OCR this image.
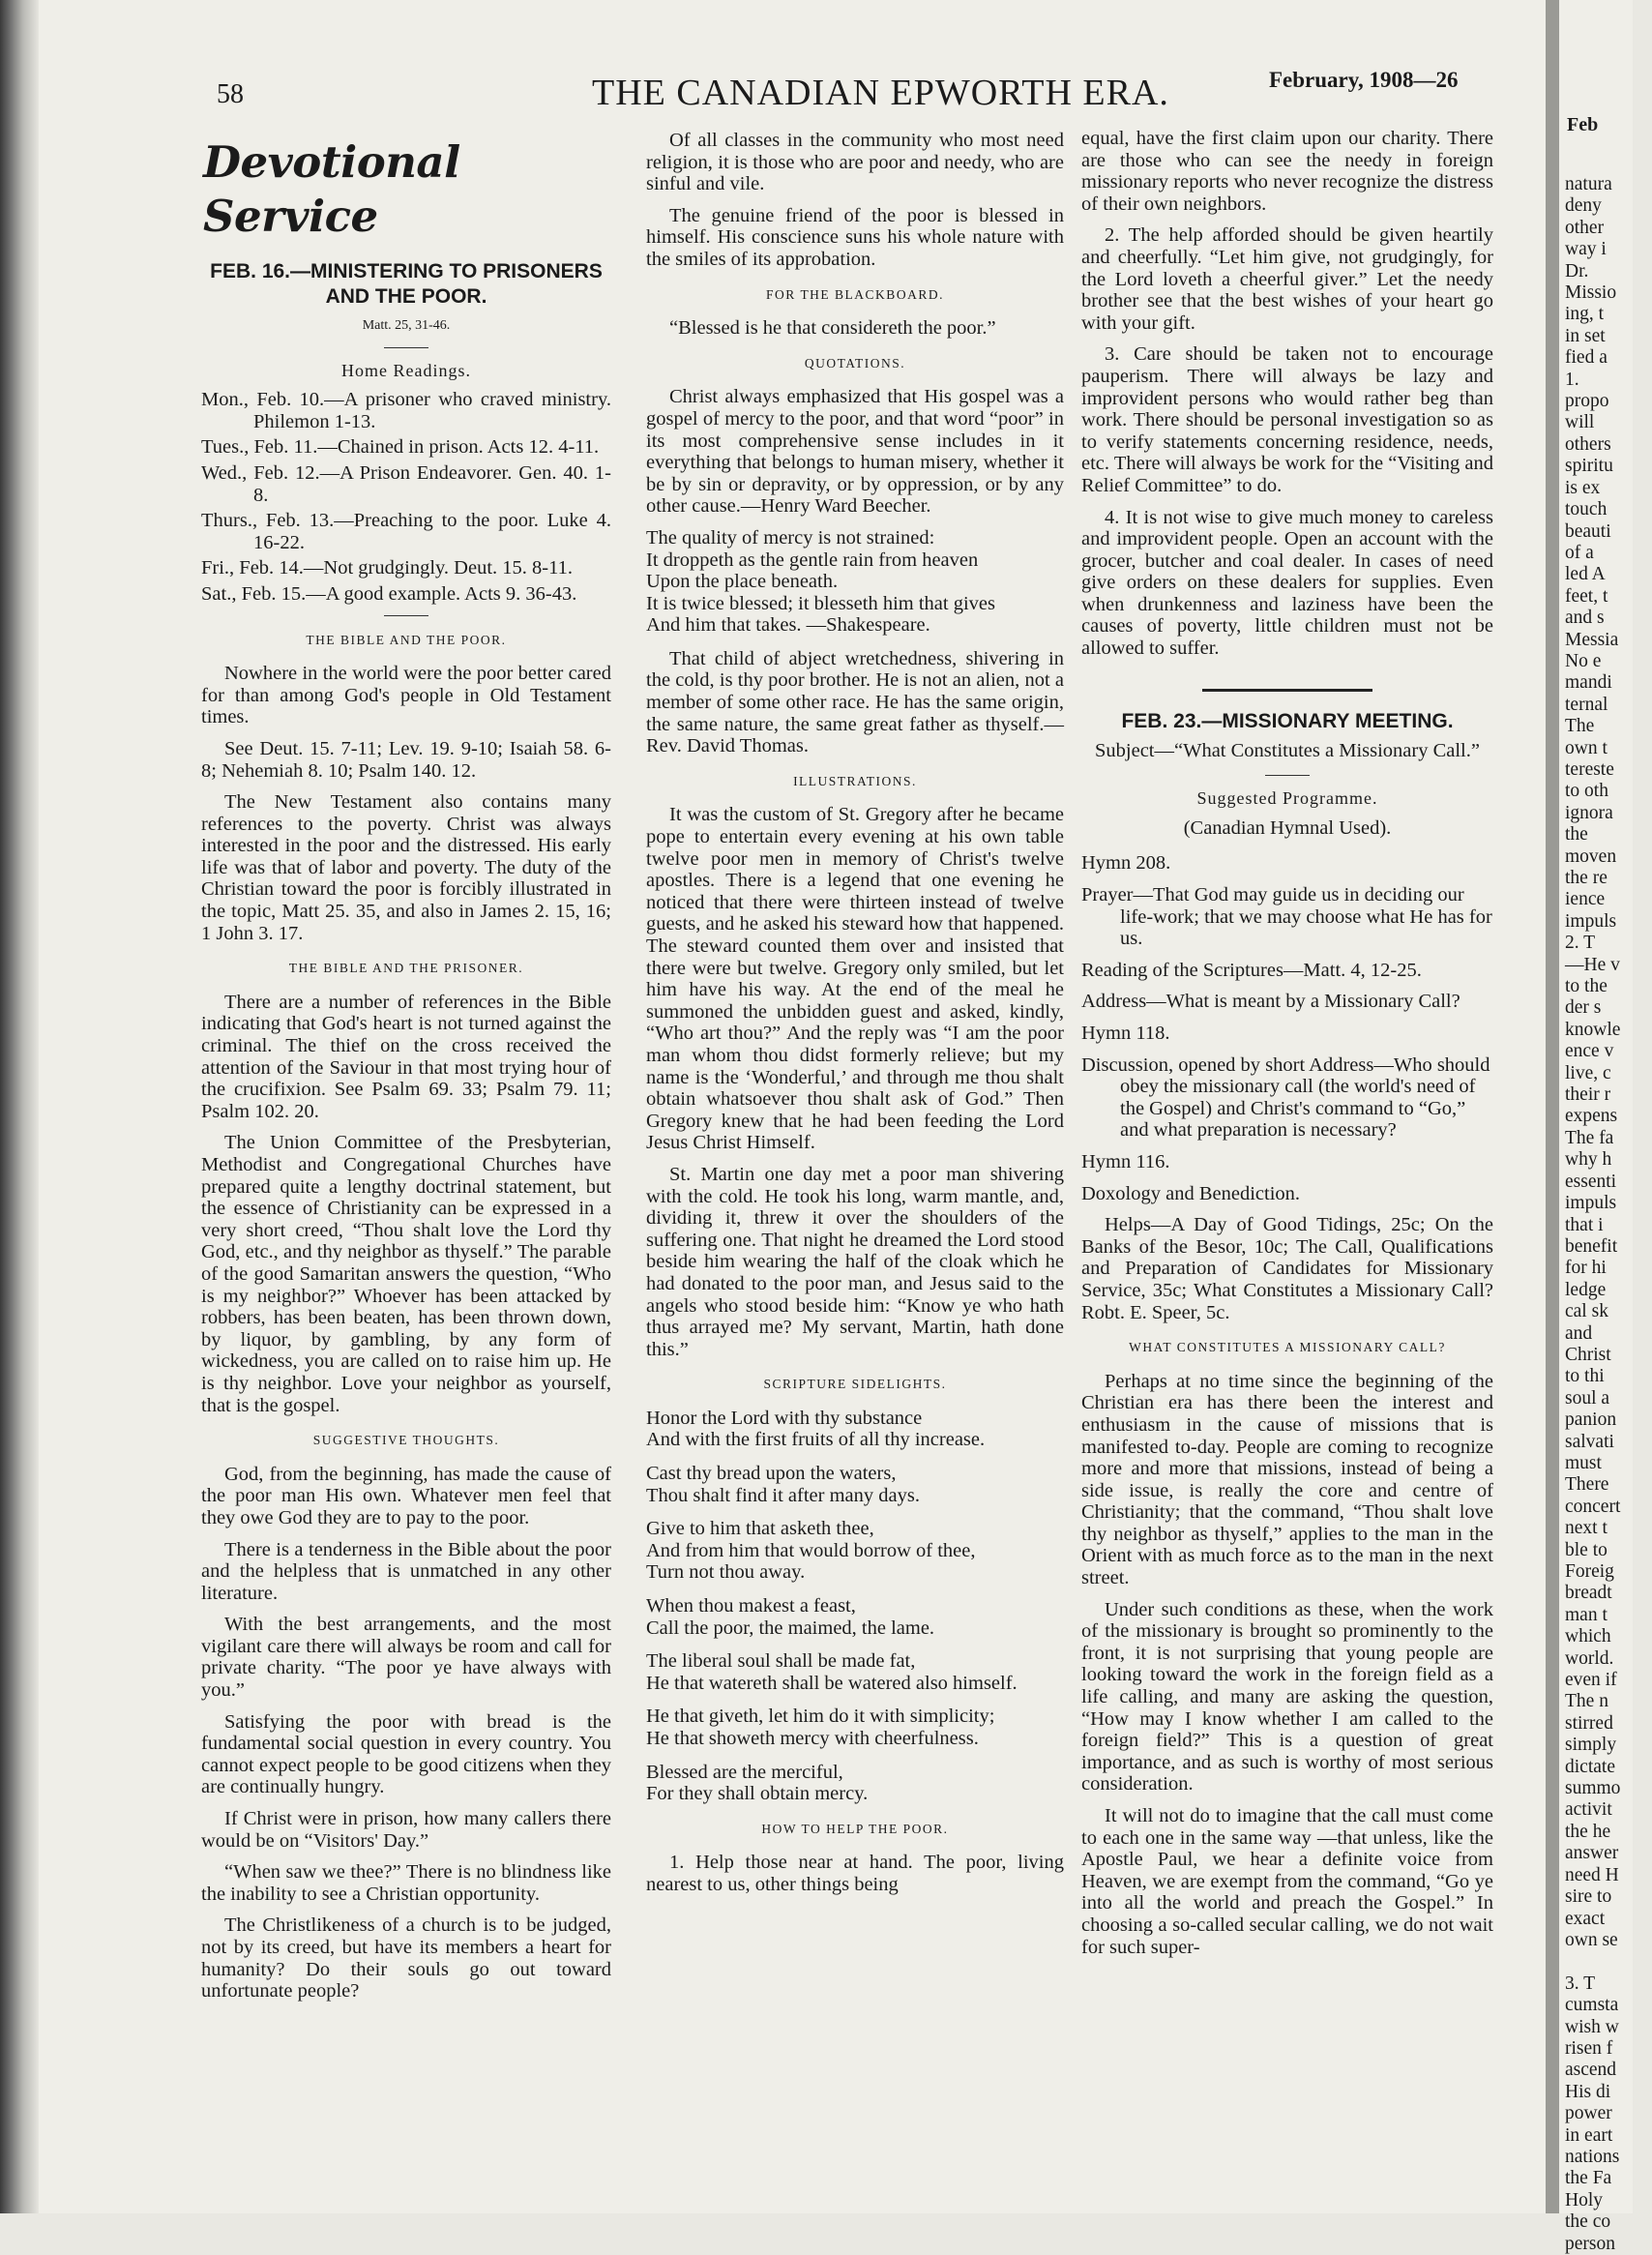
58	THE CANADIAN EPWORTH ERA.	February, 1908—26
Devotional Service
FEB. 16.—MINISTERING TO PRISONERS AND THE POOR.
Matt. 25, 31-46.
Home Readings.
Mon., Feb. 10.—A prisoner who craved ministry. Philemon 1-13.
Tues., Feb. 11.—Chained in prison. Acts 12. 4-11.
Wed., Feb. 12.—A Prison Endeavorer. Gen. 40. 1-8.
Thurs., Feb. 13.—Preaching to the poor. Luke 4. 16-22.
Fri., Feb. 14.—Not grudgingly. Deut. 15. 8-11.
Sat., Feb. 15.—A good example. Acts 9. 36-43.
THE BIBLE AND THE POOR.

Nowhere in the world were the poor better cared for than among God's people in Old Testament times.

See Deut. 15. 7-11; Lev. 19. 9-10; Isaiah 58. 6-8; Nehemiah 8. 10; Psalm 140. 12.

The New Testament also contains many references to the poverty. Christ was always interested in the poor and the distressed. His early life was that of labor and poverty. The duty of the Christian toward the poor is forcibly illustrated in the topic, Matt 25. 35, and also in James 2. 15, 16; 1 John 3. 17.

THE BIBLE AND THE PRISONER.

There are a number of references in the Bible indicating that God's heart is not turned against the criminal. The thief on the cross received the attention of the Saviour in that most trying hour of the crucifixion. See Psalm 69. 33; Psalm 79. 11; Psalm 102. 20.

The Union Committee of the Presbyterian, Methodist and Congregational Churches have prepared quite a lengthy doctrinal statement, but the essence of Christianity can be expressed in a very short creed, “Thou shalt love the Lord thy God, etc., and thy neighbor as thyself.” The parable of the good Samaritan answers the question, “Who is my neighbor?” Whoever has been attacked by robbers, has been beaten, has been thrown down, by liquor, by gambling, by any form of wickedness, you are called on to raise him up. He is thy neighbor. Love your neighbor as yourself, that is the gospel.

SUGGESTIVE THOUGHTS.

God, from the beginning, has made the cause of the poor man His own. Whatever men feel that they owe God they are to pay to the poor.

There is a tenderness in the Bible about the poor and the helpless that is unmatched in any other literature.

With the best arrangements, and the most vigilant care there will always be room and call for private charity. “The poor ye have always with you.”

Satisfying the poor with bread is the fundamental social question in every country. You cannot expect people to be good citizens when they are continually hungry.

If Christ were in prison, how many callers there would be on “Visitors' Day.”

“When saw we thee?” There is no blindness like the inability to see a Christian opportunity.

The Christlikeness of a church is to be judged, not by its creed, but have its members a heart for humanity? Do their souls go out toward unfortunate people?

Of all classes in the community who most need religion, it is those who are poor and needy, who are sinful and vile.

The genuine friend of the poor is blessed in himself. His conscience suns his whole nature with the smiles of its approbation.

FOR THE BLACKBOARD.

“Blessed is he that considereth the poor.”

QUOTATIONS.

Christ always emphasized that His gospel was a gospel of mercy to the poor, and that word “poor” in its most comprehensive sense includes in it everything that belongs to human misery, whether it be by sin or depravity, or by oppression, or by any other cause.—Henry Ward Beecher.

The quality of mercy is not strained:
It droppeth as the gentle rain from heaven
Upon the place beneath.
It is twice blessed; it blesseth him that gives
And him that takes. —Shakespeare.

That child of abject wretchedness, shivering in the cold, is thy poor brother. He is not an alien, not a member of some other race. He has the same origin, the same nature, the same great father as thyself.—Rev. David Thomas.

ILLUSTRATIONS.

It was the custom of St. Gregory after he became pope to entertain every evening at his own table twelve poor men in memory of Christ's twelve apostles. There is a legend that one evening he noticed that there were thirteen instead of twelve guests, and he asked his steward how that happened. The steward counted them over and insisted that there were but twelve. Gregory only smiled, but let him have his way. At the end of the meal he summoned the unbidden guest and asked, kindly, “Who art thou?” And the reply was “I am the poor man whom thou didst formerly relieve; but my name is the ‘Wonderful,’ and through me thou shalt obtain whatsoever thou shalt ask of God.” Then Gregory knew that he had been feeding the Lord Jesus Christ Himself.

St. Martin one day met a poor man shivering with the cold. He took his long, warm mantle, and, dividing it, threw it over the shoulders of the suffering one. That night he dreamed the Lord stood beside him wearing the half of the cloak which he had donated to the poor man, and Jesus said to the angels who stood beside him: “Know ye who hath thus arrayed me? My servant, Martin, hath done this.”

SCRIPTURE SIDELIGHTS.
Honor the Lord with thy substance
And with the first fruits of all thy increase.
Cast thy bread upon the waters,
Thou shalt find it after many days.
Give to him that asketh thee,
And from him that would borrow of thee,
Turn not thou away.
When thou makest a feast,
Call the poor, the maimed, the lame.
The liberal soul shall be made fat,
He that watereth shall be watered also himself.
He that giveth, let him do it with simplicity;
He that showeth mercy with cheerfulness.
Blessed are the merciful,
For they shall obtain mercy.
HOW TO HELP THE POOR.

1. Help those near at hand. The poor, living nearest to us, other things being

equal, have the first claim upon our charity. There are those who can see the needy in foreign missionary reports who never recognize the distress of their own neighbors.

2. The help afforded should be given heartily and cheerfully. “Let him give, not grudgingly, for the Lord loveth a cheerful giver.” Let the needy brother see that the best wishes of your heart go with your gift.

3. Care should be taken not to encourage pauperism. There will always be lazy and improvident persons who would rather beg than work. There should be personal investigation so as to verify statements concerning residence, needs, etc. There will always be work for the “Visiting and Relief Committee” to do.

4. It is not wise to give much money to careless and improvident people. Open an account with the grocer, butcher and coal dealer. In cases of need give orders on these dealers for supplies. Even when drunkenness and laziness have been the causes of poverty, little children must not be allowed to suffer.

FEB. 23.—MISSIONARY MEETING.
Subject—“What Constitutes a Missionary Call.”
Suggested Programme.
(Canadian Hymnal Used).
Hymn 208.
Prayer—That God may guide us in deciding our life-work; that we may choose what He has for us.
Reading of the Scriptures—Matt. 4, 12-25.
Address—What is meant by a Missionary Call?
Hymn 118.
Discussion, opened by short Address—Who should obey the missionary call (the world's need of the Gospel) and Christ's command to “Go,” and what preparation is necessary?
Hymn 116.
Doxology and Benediction.

Helps—A Day of Good Tidings, 25c; On the Banks of the Besor, 10c; The Call, Qualifications and Preparation of Candidates for Missionary Service, 35c; What Constitutes a Missionary Call? Robt. E. Speer, 5c.

WHAT CONSTITUTES A MISSIONARY CALL?

Perhaps at no time since the beginning of the Christian era has there been the interest and enthusiasm in the cause of missions that is manifested to-day. People are coming to recognize more and more that missions, instead of being a side issue, is really the core and centre of Christianity; that the command, “Thou shalt love thy neighbor as thyself,” applies to the man in the Orient with as much force as to the man in the next street.

Under such conditions as these, when the work of the missionary is brought so prominently to the front, it is not surprising that young people are looking toward the work in the foreign field as a life calling, and many are asking the question, “How may I know whether I am called to the foreign field?” This is a question of great importance, and as such is worthy of most serious consideration.

It will not do to imagine that the call must come to each one in the same way —that unless, like the Apostle Paul, we hear a definite voice from Heaven, we are exempt from the command, “Go ye into all the world and preach the Gospel.” In choosing a so-called secular calling, we do not wait for such super-

Feb
natura
deny
other
way i
Dr.
Missio
ing, t
in set
fied a
1.
propo
will
others
spiritu
is ex
touch
beauti
of a
led A
feet, t
and s
Messia
No e
mandi
ternal
The
own t
tereste
to oth
ignora
the
moven
the re
ience
impuls
2. T
—He v
to the
der s
knowle
ence v
live, c
their r
expens
The fa
why h
essenti
impuls
that i
benefit
for hi
ledge
cal sk
and
Christ
to thi
soul a
panion
salvati
must
There
concert
next t
ble to
Foreig
breadt
man t
which
world.
even if
The n
stirred
simply
dictate
summo
activit
the he
answer
need H
sire to
exact
own se

3. T
cumsta
wish w
risen f
ascend
His di
power
in eart
nations
the Fa
Holy
the co
person
